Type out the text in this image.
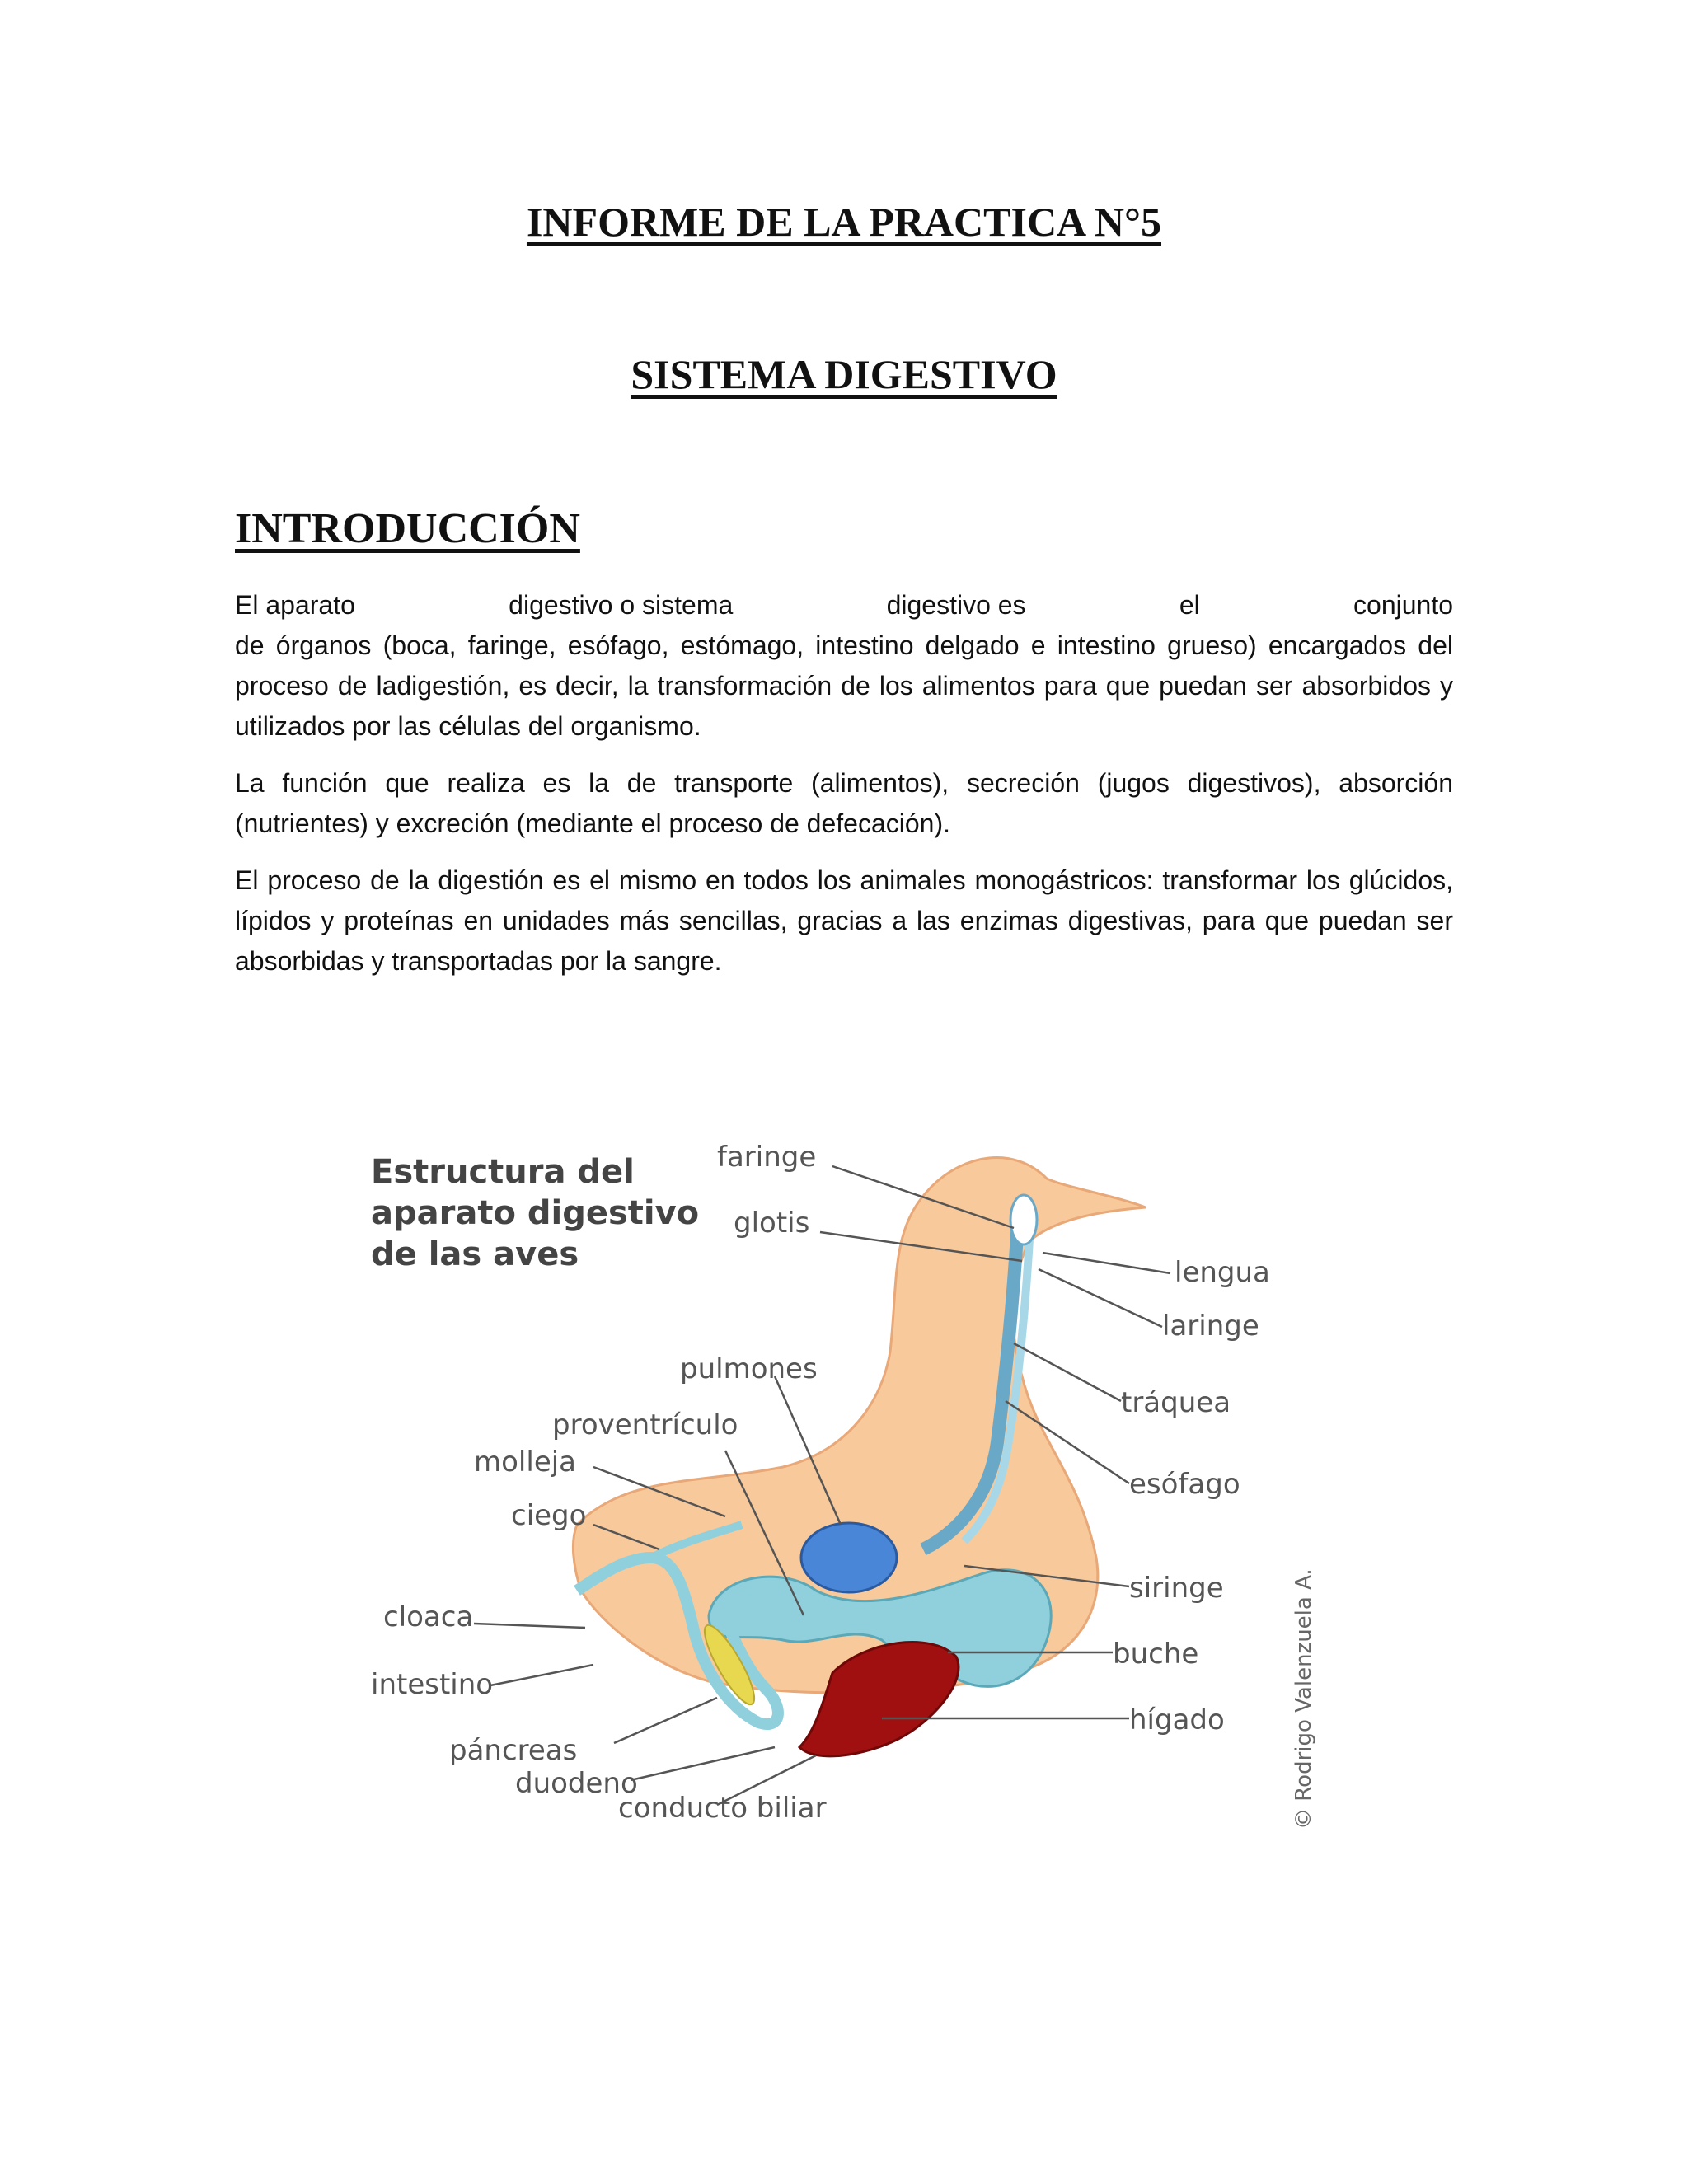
INFORME DE LA PRACTICA N°5
SISTEMA DIGESTIVO
INTRODUCCIÓN

El aparato	digestivo o sistema	digestivo es	el	conjunto

de órganos (boca, faringe, esófago, estómago, intestino delgado e intestino grueso) encargados del proceso de ladigestión, es decir, la transformación de los alimentos para que puedan ser absorbidos y utilizados por las células del organismo.

La función que realiza es la de transporte (alimentos), secreción (jugos digestivos), absorción (nutrientes) y excreción (mediante el proceso de defecación).

El proceso de la digestión es el mismo en todos los animales monogástricos: transformar los glúcidos, lípidos y proteínas en unidades más sencillas, gracias a las enzimas digestivas, para que puedan ser absorbidas y transportadas por la sangre.

Estructura del
aparato digestivo
de las aves
faringe
glotis
lengua
laringe
pulmones
tráquea
proventrículo
molleja
esófago
ciego
siringe
cloaca
buche
intestino
hígado
páncreas
duodeno
conducto biliar	© Rodrigo Valenzuela A.
